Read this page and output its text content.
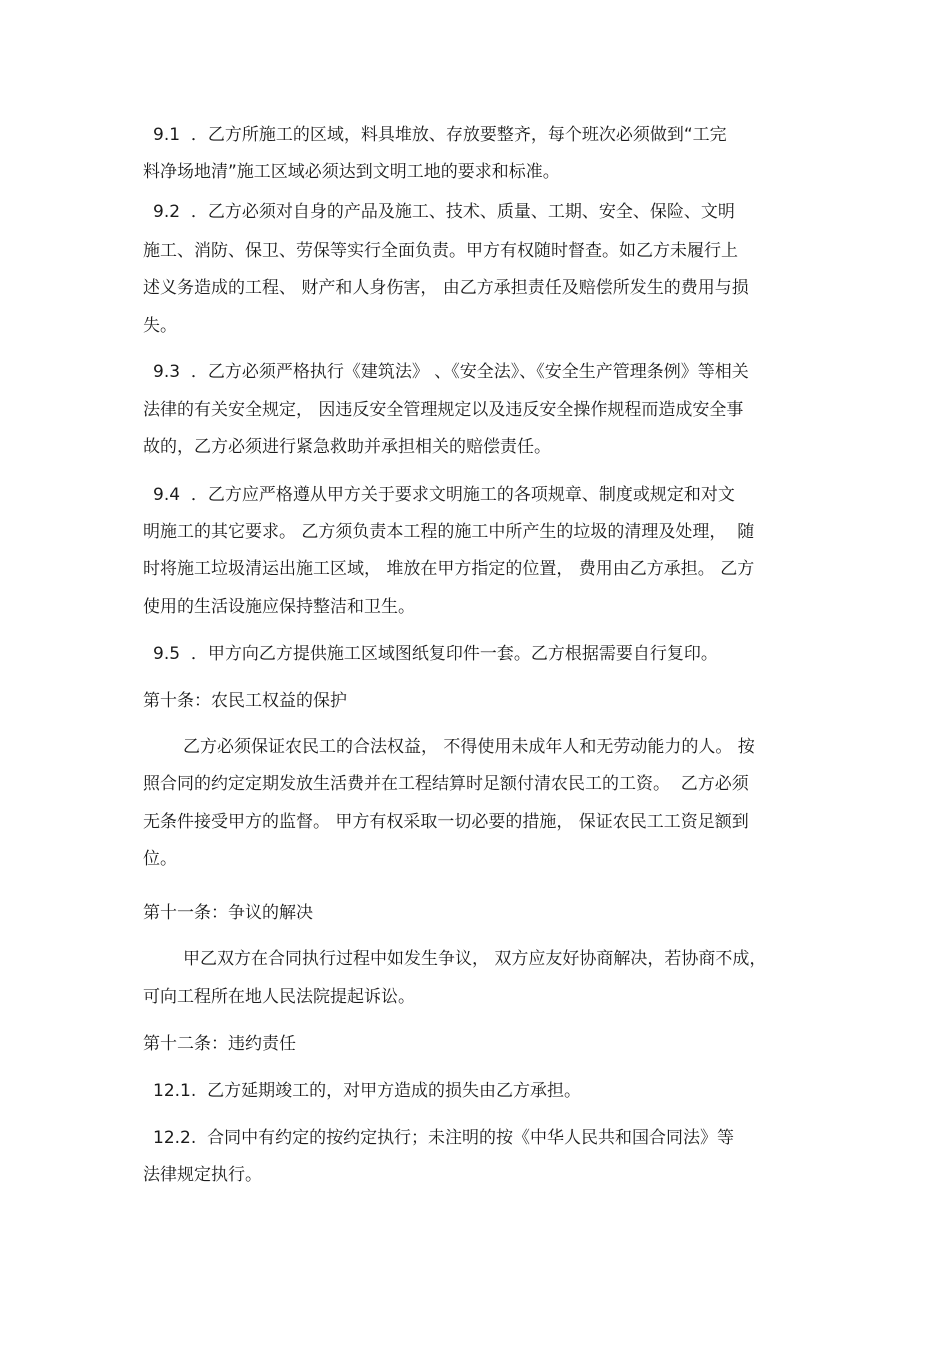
9.1  ．乙方所施工的区域，料具堆放、存放要整齐，每个班次必须做到“工完
料净场地清”施工区域必须达到文明工地的要求和标准。
9.2  ．乙方必须对自身的产品及施工、技术、质量、工期、安全、保险、文明
施工、消防、保卫、劳保等实行全面负责。甲方有权随时督查。如乙方未履行上
述义务造成的工程、 财产和人身伤害， 由乙方承担责任及赔偿所发生的费用与损
失。
9.3  ．乙方必须严格执行《建筑法》 、《安全法》、《安全生产管理条例》等相关
法律的有关安全规定， 因违反安全管理规定以及违反安全操作规程而造成安全事
故的，乙方必须进行紧急救助并承担相关的赔偿责任。
9.4  ．乙方应严格遵从甲方关于要求文明施工的各项规章、制度或规定和对文
明施工的其它要求。 乙方须负责本工程的施工中所产生的垃圾的清理及处理，  随
时将施工垃圾清运出施工区域， 堆放在甲方指定的位置， 费用由乙方承担。 乙方
使用的生活设施应保持整洁和卫生。
9.5  ．甲方向乙方提供施工区域图纸复印件一套。乙方根据需要自行复印。
第十条：农民工权益的保护
乙方必须保证农民工的合法权益， 不得使用未成年人和无劳动能力的人。 按
照合同的约定定期发放生活费并在工程结算时足额付清农民工的工资。  乙方必须
无条件接受甲方的监督。 甲方有权采取一切必要的措施， 保证农民工工资足额到
位。
第十一条：争议的解决
甲乙双方在合同执行过程中如发生争议， 双方应友好协商解决，若协商不成，
可向工程所在地人民法院提起诉讼。
第十二条：违约责任
12.1.  乙方延期竣工的，对甲方造成的损失由乙方承担。
12.2.  合同中有约定的按约定执行；未注明的按《中华人民共和国合同法》等
法律规定执行。
